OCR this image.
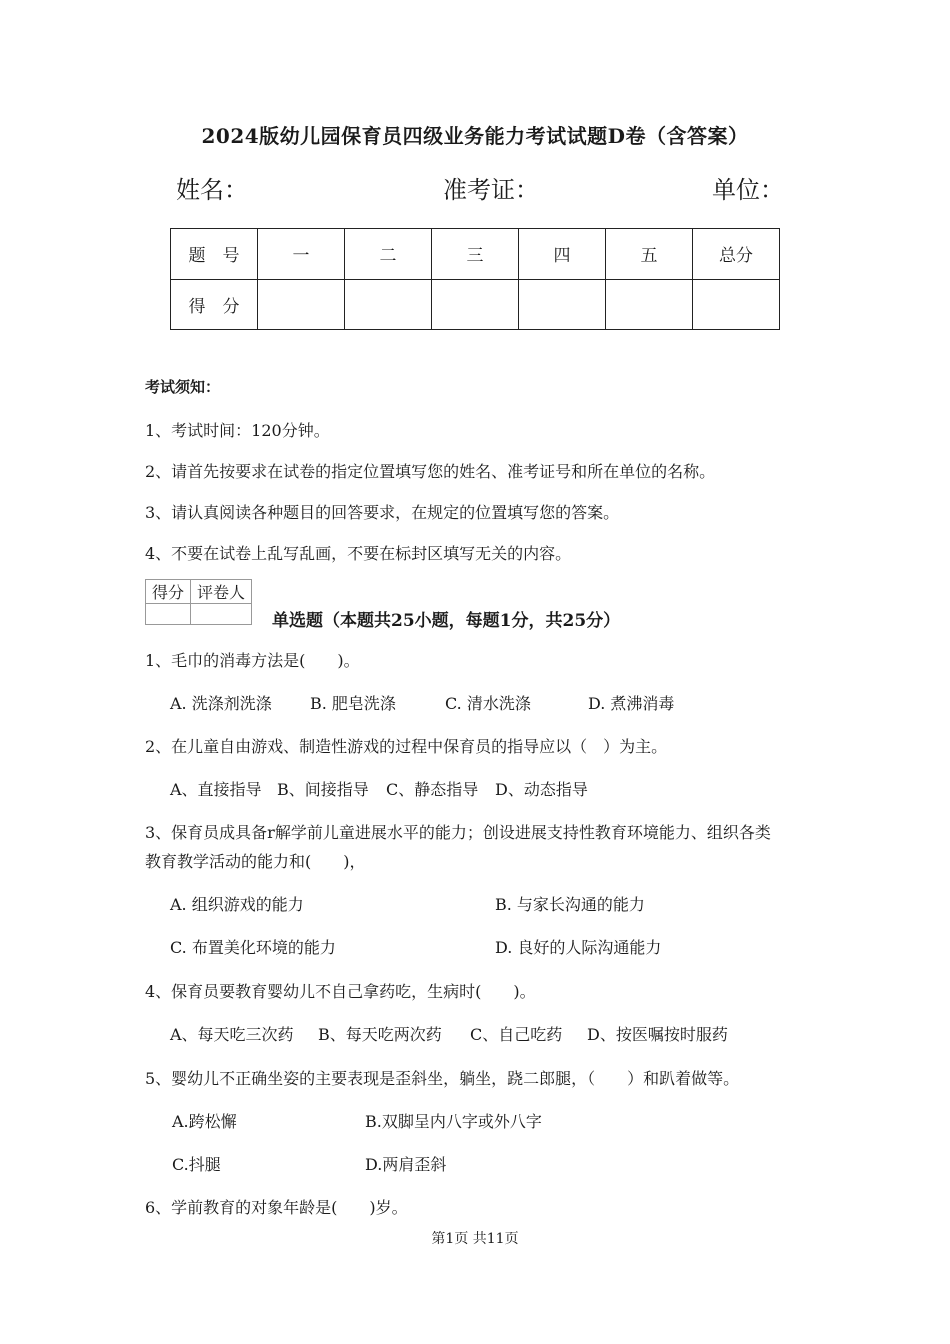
2024版幼儿园保育员四级业务能力考试试题D卷（含答案）
姓名：	准考证：	单位：
题　号	一	二	三	四	五	总分
得　分						
考试须知：
1、考试时间：120分钟。
2、请首先按要求在试卷的指定位置填写您的姓名、准考证号和所在单位的名称。
3、请认真阅读各种题目的回答要求，在规定的位置填写您的答案。
4、不要在试卷上乱写乱画，不要在标封区填写无关的内容。
得分	评卷人

单选题（本题共25小题，每题1分，共25分）
1、毛巾的消毒方法是(　　)。
A. 洗涤剂洗涤 B. 肥皂洗涤	C. 清水洗涤	D. 煮沸消毒
2、在儿童自由游戏、制造性游戏的过程中保育员的指导应以（　）为主。
A、直接指导 B、间接指导 C、静态指导 D、动态指导
3、保育员成具备r解学前儿童进展水平的能力；创设进展支持性教育环境能力、组织各类
教育教学活动的能力和(　　)，
A. 组织游戏的能力	B. 与家长沟通的能力
C. 布置美化环境的能力	D. 良好的人际沟通能力
4、保育员要教育婴幼儿不自己拿药吃，生病时(　　)。
A、每天吃三次药 B、每天吃两次药 C、自己吃药 D、按医嘱按时服药
5、婴幼儿不正确坐姿的主要表现是歪斜坐，躺坐，跷二郎腿，（　　）和趴着做等。
A.跨松懈	B.双脚呈内八字或外八字
C.抖腿	D.两肩歪斜
6、学前教育的对象年龄是(　　)岁。
第1页 共11页
